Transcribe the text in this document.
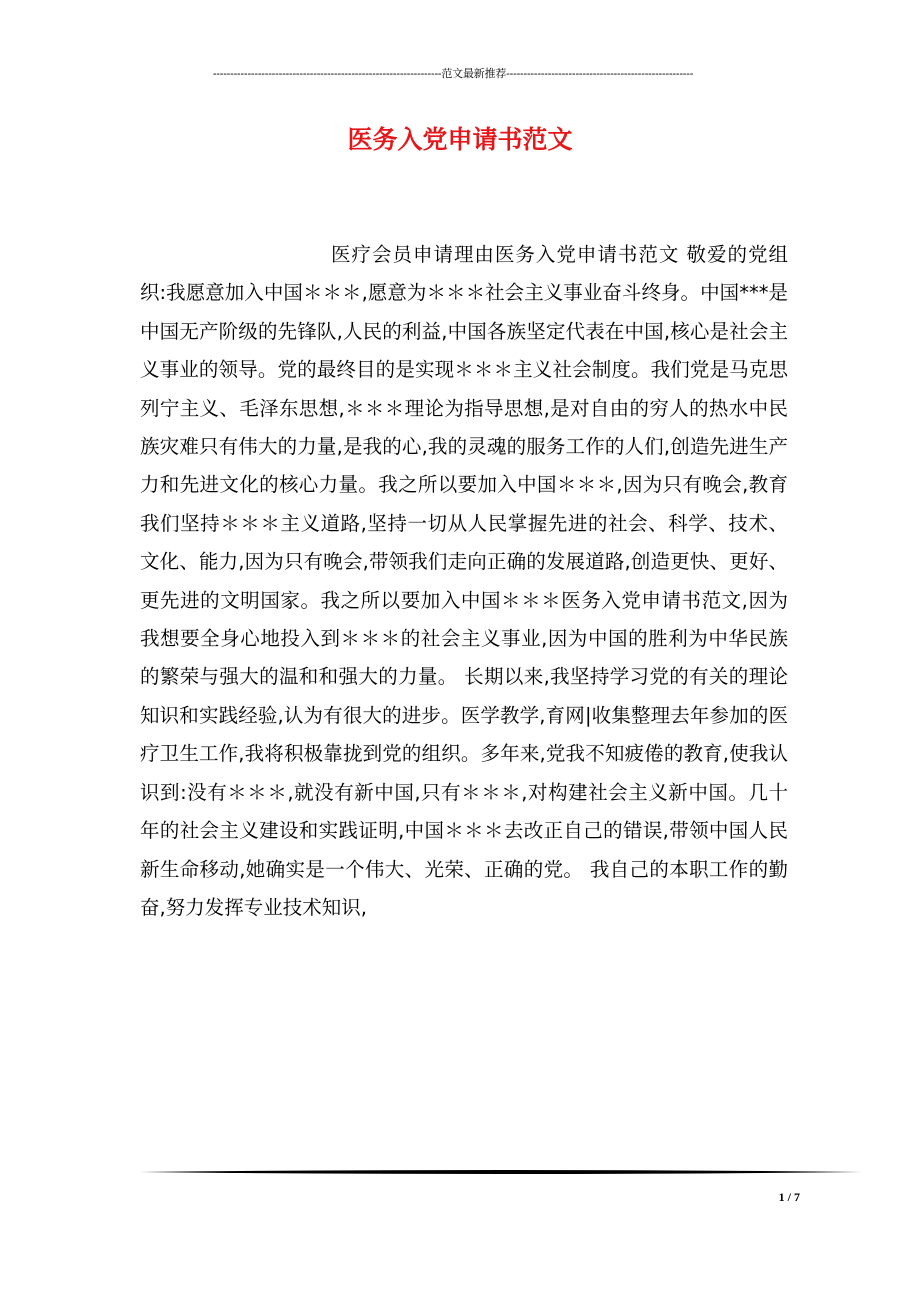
------------------------------------------------------------------范文最新推荐------------------------------------------------------
医务入党申请书范文
医疗会员申请理由医务入党申请书范文 敬爱的党组织:我愿意加入中国＊＊＊,愿意为＊＊＊社会主义事业奋斗终身。中国***是中国无产阶级的先锋队,人民的利益,中国各族坚定代表在中国,核心是社会主义事业的领导。党的最终目的是实现＊＊＊主义社会制度。我们党是马克思列宁主义、毛泽东思想,＊＊＊理论为指导思想,是对自由的穷人的热水中民族灾难只有伟大的力量,是我的心,我的灵魂的服务工作的人们,创造先进生产力和先进文化的核心力量。我之所以要加入中国＊＊＊,因为只有晚会,教育我们坚持＊＊＊主义道路,坚持一切从人民掌握先进的社会、科学、技术、文化、能力,因为只有晚会,带领我们走向正确的发展道路,创造更快、更好、更先进的文明国家。我之所以要加入中国＊＊＊医务入党申请书范文,因为我想要全身心地投入到＊＊＊的社会主义事业,因为中国的胜利为中华民族的繁荣与强大的温和和强大的力量。 长期以来,我坚持学习党的有关的理论知识和实践经验,认为有很大的进步。医学教学,育网|收集整理去年参加的医疗卫生工作,我将积极靠拢到党的组织。多年来,党我不知疲倦的教育,使我认识到:没有＊＊＊,就没有新中国,只有＊＊＊,对构建社会主义新中国。几十年的社会主义建设和实践证明,中国＊＊＊去改正自己的错误,带领中国人民新生命移动,她确实是一个伟大、光荣、正确的党。 我自己的本职工作的勤奋,努力发挥专业技术知识,
1 / 7
